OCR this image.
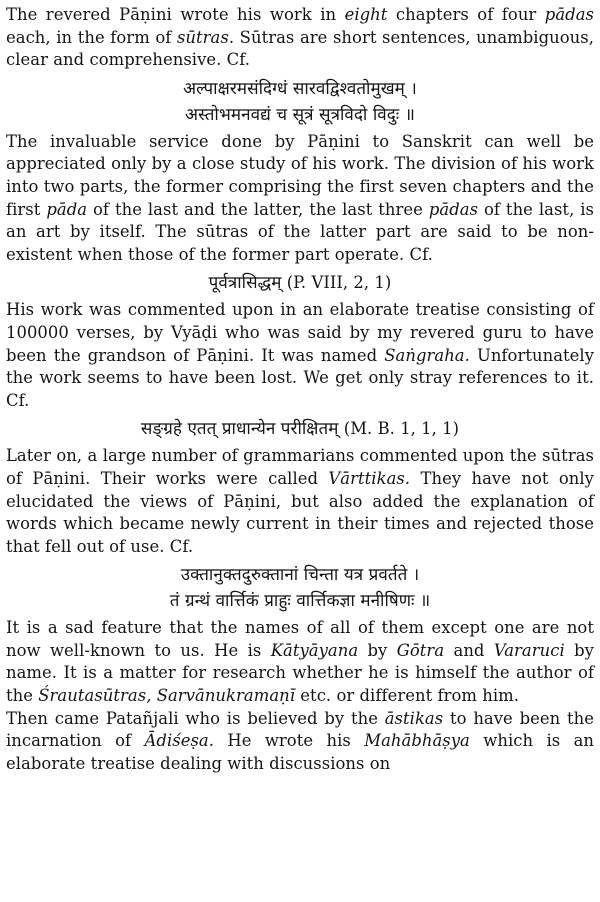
The revered Pāṇini wrote his work in eight chapters of four pādas each, in the form of sūtras. Sūtras are short sentences, unambiguous, clear and comprehensive. Cf.

अल्पाक्षरमसंदिग्धं सारवद्विश्वतोमुखम् ।
अस्तोभमनवद्यं च सूत्रं सूत्रविदो विदुः ॥

The invaluable service done by Pāṇini to Sanskrit can well be appreciated only by a close study of his work. The division of his work into two parts, the former comprising the first seven chapters and the first pāda of the last and the latter, the last three pādas of the last, is an art by itself. The sūtras of the latter part are said to be non-existent when those of the former part operate. Cf.

पूर्वत्रासिद्धम् (P. VIII, 2, 1)

His work was commented upon in an elaborate treatise consisting of 100000 verses, by Vyāḍi who was said by my revered guru to have been the grandson of Pāṇini. It was named Saṅgraha. Unfortunately the work seems to have been lost. We get only stray references to it. Cf.

सङ्ग्रहे एतत् प्राधान्येन परीक्षितम् (M. B. 1, 1, 1)

Later on, a large number of grammarians commented upon the sūtras of Pāṇini. Their works were called Vārttikas. They have not only elucidated the views of Pāṇini, but also added the explanation of words which became newly current in their times and rejected those that fell out of use. Cf.

उक्तानुक्तदुरुक्तानां चिन्ता यत्र प्रवर्तते ।
तं ग्रन्थं वार्त्तिकं प्राहुः वार्त्तिकज्ञा मनीषिणः ॥

It is a sad feature that the names of all of them except one are not now well-known to us. He is Kātyāyana by Gōtra and Vararuci by name. It is a matter for research whether he is himself the author of the Śrautasūtras, Sarvānukramaṇī etc. or different from him.

Then came Patañjali who is believed by the āstikas to have been the incarnation of Ādiśeṣa. He wrote his Mahābhāṣya which is an elaborate treatise dealing with discussions on
